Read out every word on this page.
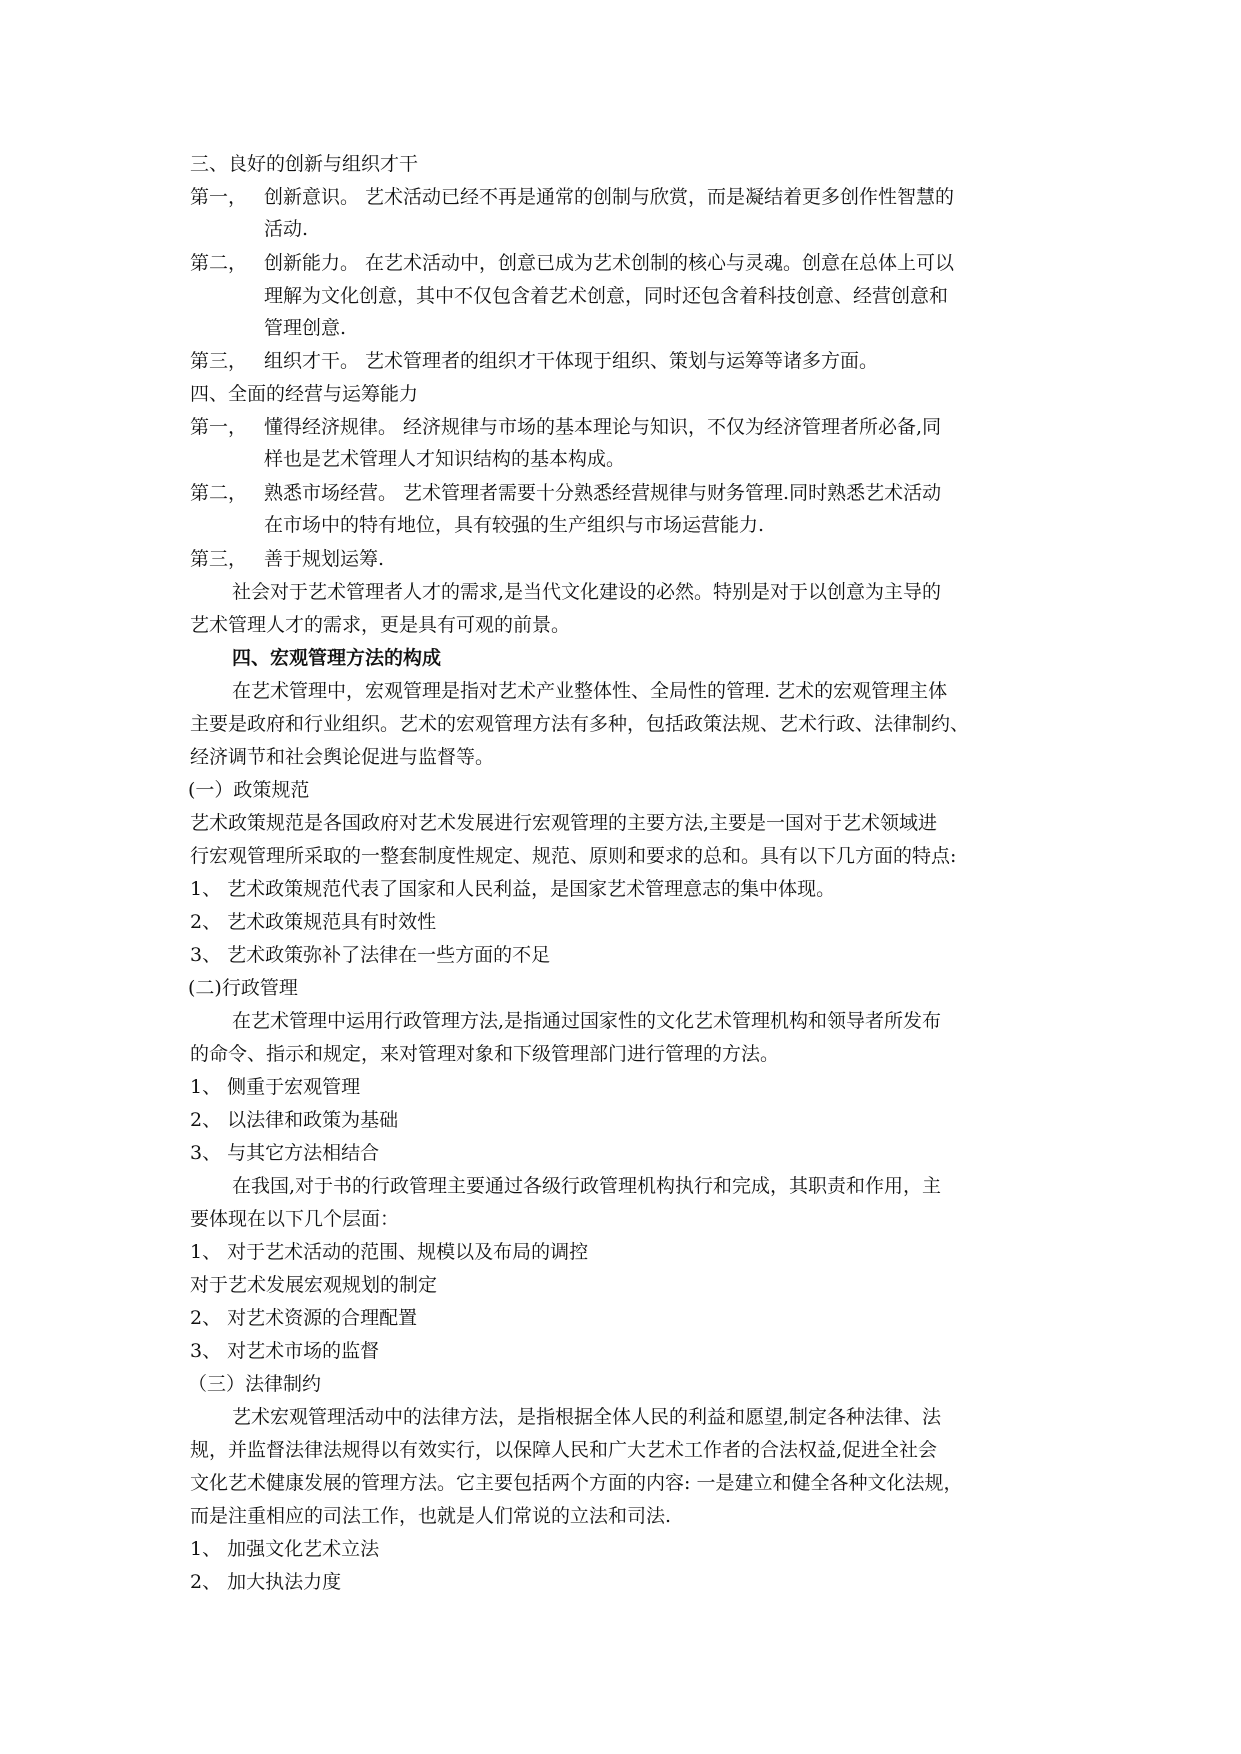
三、良好的创新与组织才干
第一， 创新意识。 艺术活动已经不再是通常的创制与欣赏，而是凝结着更多创作性智慧的
活动.
第二， 创新能力。 在艺术活动中，创意已成为艺术创制的核心与灵魂。创意在总体上可以
理解为文化创意，其中不仅包含着艺术创意，同时还包含着科技创意、经营创意和
管理创意.
第三， 组织才干。 艺术管理者的组织才干体现于组织、策划与运筹等诸多方面。
四、全面的经营与运筹能力
第一， 懂得经济规律。 经济规律与市场的基本理论与知识，不仅为经济管理者所必备,同
样也是艺术管理人才知识结构的基本构成。
第二， 熟悉市场经营。 艺术管理者需要十分熟悉经营规律与财务管理.同时熟悉艺术活动
在市场中的特有地位，具有较强的生产组织与市场运营能力.
第三， 善于规划运筹.
社会对于艺术管理者人才的需求,是当代文化建设的必然。特别是对于以创意为主导的
艺术管理人才的需求，更是具有可观的前景。
四、宏观管理方法的构成
在艺术管理中，宏观管理是指对艺术产业整体性、全局性的管理. 艺术的宏观管理主体
主要是政府和行业组织。艺术的宏观管理方法有多种，包括政策法规、艺术行政、法律制约、
经济调节和社会舆论促进与监督等。
(一）政策规范
艺术政策规范是各国政府对艺术发展进行宏观管理的主要方法,主要是一国对于艺术领域进
行宏观管理所采取的一整套制度性规定、规范、原则和要求的总和。具有以下几方面的特点:
1、 艺术政策规范代表了国家和人民利益，是国家艺术管理意志的集中体现。
2、 艺术政策规范具有时效性
3、 艺术政策弥补了法律在一些方面的不足
(二)行政管理
在艺术管理中运用行政管理方法,是指通过国家性的文化艺术管理机构和领导者所发布
的命令、指示和规定，来对管理对象和下级管理部门进行管理的方法。
1、 侧重于宏观管理
2、 以法律和政策为基础
3、 与其它方法相结合
在我国,对于书的行政管理主要通过各级行政管理机构执行和完成，其职责和作用，主
要体现在以下几个层面：
1、 对于艺术活动的范围、规模以及布局的调控
对于艺术发展宏观规划的制定
2、 对艺术资源的合理配置
3、 对艺术市场的监督
（三）法律制约
艺术宏观管理活动中的法律方法，是指根据全体人民的利益和愿望,制定各种法律、法
规，并监督法律法规得以有效实行，以保障人民和广大艺术工作者的合法权益,促进全社会
文化艺术健康发展的管理方法。它主要包括两个方面的内容: 一是建立和健全各种文化法规，
而是注重相应的司法工作，也就是人们常说的立法和司法.
1、 加强文化艺术立法
2、 加大执法力度
